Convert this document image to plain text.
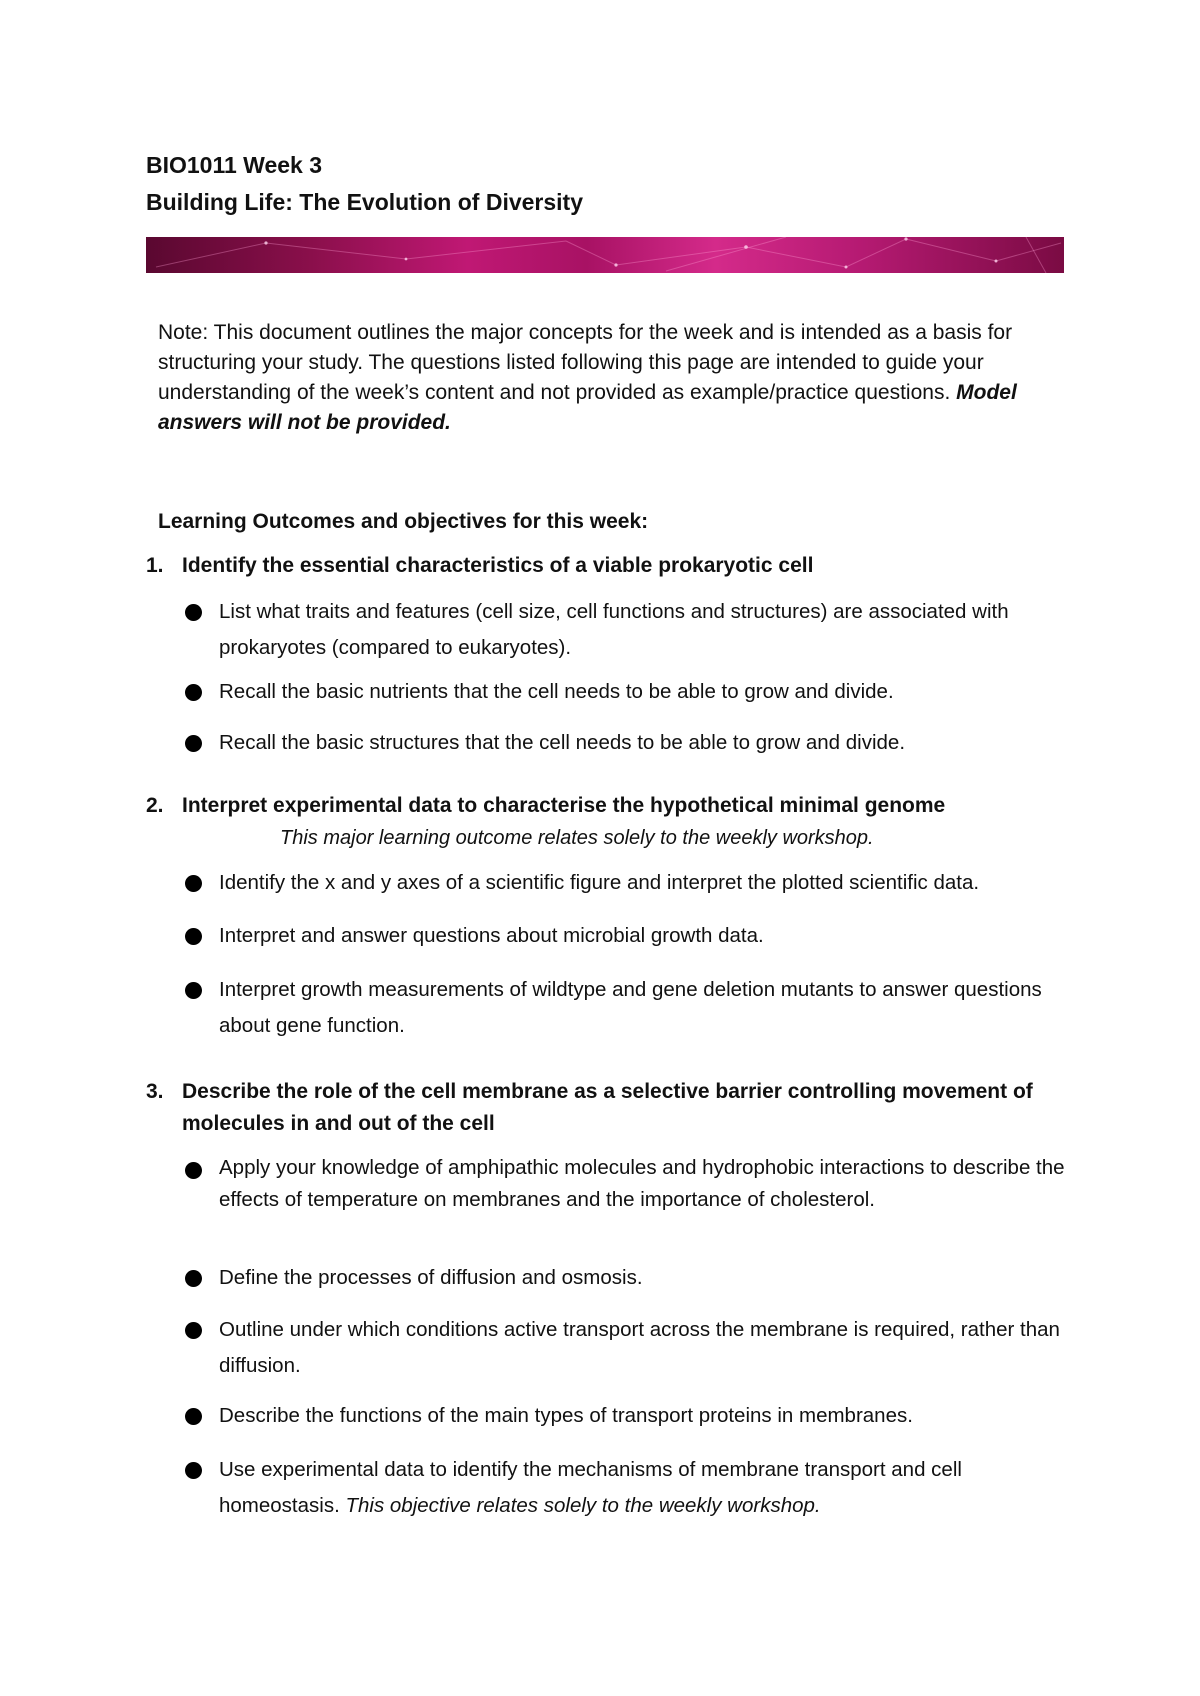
BIO1011 Week 3
Building Life: The Evolution of Diversity
Note: This document outlines the major concepts for the week and is intended as a basis for structuring your study. The questions listed following this page are intended to guide your understanding of the week’s content and not provided as example/practice questions. Model answers will not be provided.
Learning Outcomes and objectives for this week:
1. Identify the essential characteristics of a viable prokaryotic cell
List what traits and features (cell size, cell functions and structures) are associated with prokaryotes (compared to eukaryotes).
Recall the basic nutrients that the cell needs to be able to grow and divide.
Recall the basic structures that the cell needs to be able to grow and divide.
2. Interpret experimental data to characterise the hypothetical minimal genome
This major learning outcome relates solely to the weekly workshop.
Identify the x and y axes of a scientific figure and interpret the plotted scientific data.
Interpret and answer questions about microbial growth data.
Interpret growth measurements of wildtype and gene deletion mutants to answer questions about gene function.
3. Describe the role of the cell membrane as a selective barrier controlling movement of molecules in and out of the cell
Apply your knowledge of amphipathic molecules and hydrophobic interactions to describe the effects of temperature on membranes and the importance of cholesterol.
Define the processes of diffusion and osmosis.
Outline under which conditions active transport across the membrane is required, rather than diffusion.
Describe the functions of the main types of transport proteins in membranes.
Use experimental data to identify the mechanisms of membrane transport and cell homeostasis. This objective relates solely to the weekly workshop.
